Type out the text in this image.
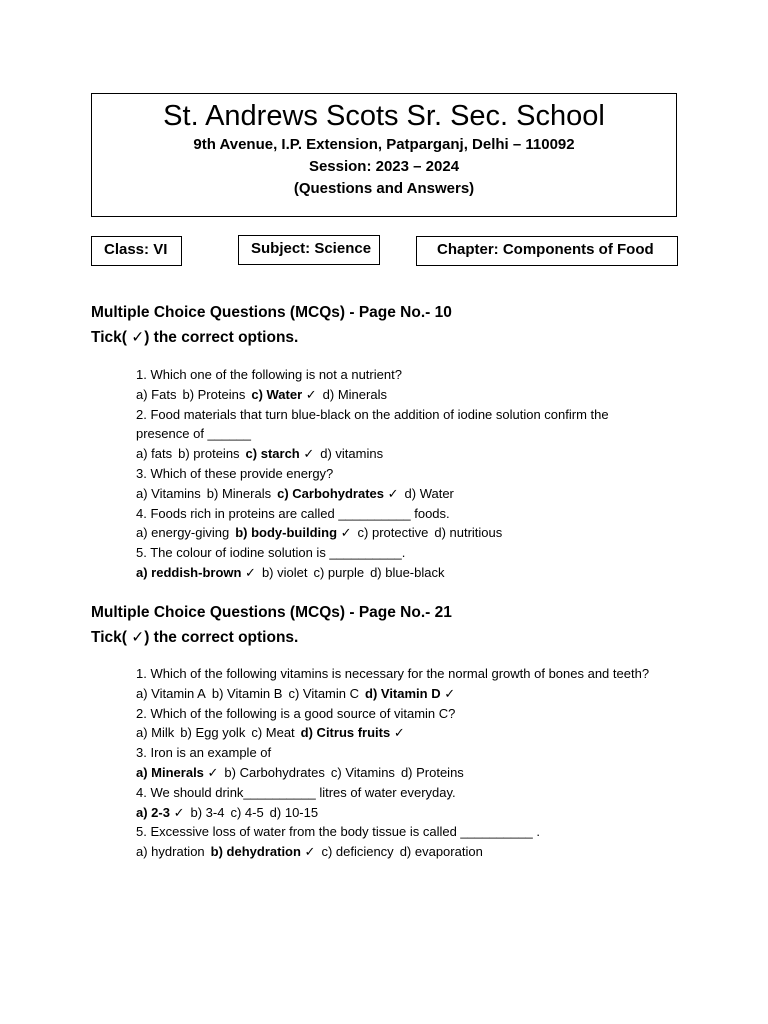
St. Andrews Scots Sr. Sec. School
9th Avenue, I.P. Extension, Patparganj, Delhi – 110092
Session: 2023 – 2024
(Questions and Answers)
Class: VI	Subject: Science	Chapter: Components of Food
Multiple Choice Questions (MCQs) - Page No.- 10
Tick( ✓) the correct options.
1. Which one of the following is not a nutrient?
a) Fats b) Proteins c) Water ✓ d) Minerals
2. Food materials that turn blue-black on the addition of iodine solution confirm the presence of ______
a) fats b) proteins c) starch ✓ d) vitamins
3. Which of these provide energy?
a) Vitamins b) Minerals c) Carbohydrates ✓ d) Water
4. Foods rich in proteins are called __________ foods.
a) energy-giving b) body-building ✓ c) protective d) nutritious
5. The colour of iodine solution is __________.
a) reddish-brown ✓ b) violet c) purple d) blue-black
Multiple Choice Questions (MCQs) - Page No.- 21
Tick( ✓) the correct options.
1. Which of the following vitamins is necessary for the normal growth of bones and teeth?
a) Vitamin A b) Vitamin B c) Vitamin C d) Vitamin D ✓
2. Which of the following is a good source of vitamin C?
a) Milk b) Egg yolk c) Meat d) Citrus fruits ✓
3. Iron is an example of
a) Minerals ✓ b) Carbohydrates c) Vitamins d) Proteins
4. We should drink__________ litres of water everyday.
a) 2-3 ✓ b) 3-4 c) 4-5 d) 10-15
5. Excessive loss of water from the body tissue is called __________ .
a) hydration b) dehydration ✓ c) deficiency d) evaporation
